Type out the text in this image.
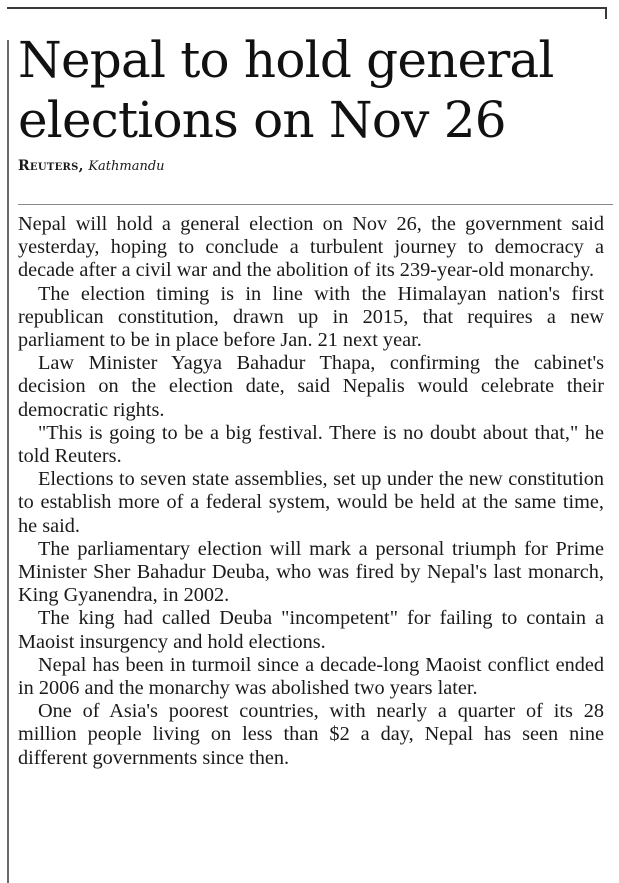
Nepal to hold general elections on Nov 26
Reuters, Kathmandu

Nepal will hold a general election on Nov 26, the government said yesterday, hoping to conclude a turbulent journey to democracy a decade after a civil war and the abolition of its 239-year-old monarchy.

The election timing is in line with the Himalayan nation's first republican constitution, drawn up in 2015, that requires a new parliament to be in place before Jan. 21 next year.

Law Minister Yagya Bahadur Thapa, confirming the cabinet's decision on the election date, said Nepalis would celebrate their democratic rights.

"This is going to be a big festival. There is no doubt about that," he told Reuters.

Elections to seven state assemblies, set up under the new constitution to establish more of a federal system, would be held at the same time, he said.

The parliamentary election will mark a personal triumph for Prime Minister Sher Bahadur Deuba, who was fired by Nepal's last monarch, King Gyanendra, in 2002.

The king had called Deuba "incompetent" for failing to contain a Maoist insurgency and hold elections.

Nepal has been in turmoil since a decade-long Maoist conflict ended in 2006 and the monarchy was abolished two years later.

One of Asia's poorest countries, with nearly a quarter of its 28 million people living on less than $2 a day, Nepal has seen nine different governments since then.
